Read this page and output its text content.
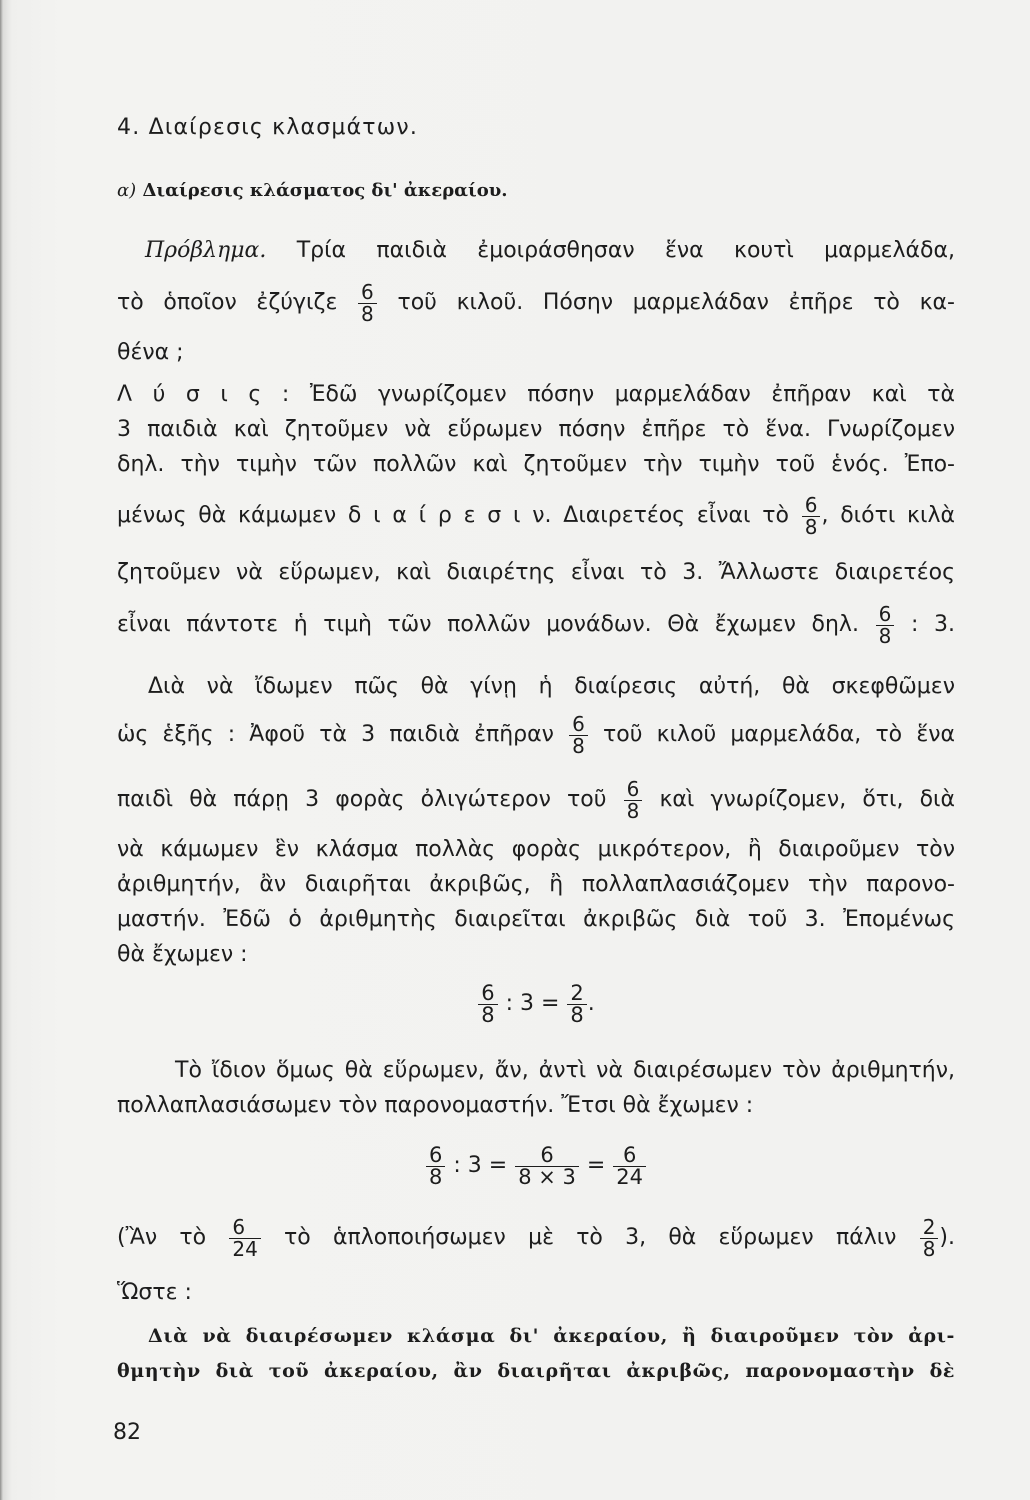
4. Διαίρεσις κλασμάτων.
α) Διαίρεσις κλάσματος δι' ἀκεραίου.
Πρόβλημα. Τρία παιδιὰ ἐμοιράσθησαν ἕνα κουτὶ μαρμελάδα,
τὸ ὁποῖον ἐζύγιζε $\frac{6}{8}$ τοῦ κιλοῦ. Πόσην μαρμελάδαν ἐπῆρε τὸ κα-
θένα ;
Λ ύ σ ι ς : Ἐδῶ γνωρίζομεν πόσην μαρμελάδαν ἐπῆραν καὶ τὰ
3 παιδιὰ καὶ ζητοῦμεν νὰ εὕρωμεν πόσην ἐπῆρε τὸ ἕνα. Γνωρίζομεν
δηλ. τὴν τιμὴν τῶν πολλῶν καὶ ζητοῦμεν τὴν τιμὴν τοῦ ἑνός. Ἐπο-
μένως θὰ κάμωμεν δ ι α ί ρ ε σ ι ν. Διαιρετέος εἶναι τὸ $\frac{6}{8}$ , διότι κιλὰ
ζητοῦμεν νὰ εὕρωμεν, καὶ διαιρέτης εἶναι τὸ 3. Ἄλλωστε διαιρετέος
εἶναι πάντοτε ἡ τιμὴ τῶν πολλῶν μονάδων. Θὰ ἔχωμεν δηλ. $\frac{6}{8}$ : 3.
Διὰ νὰ ἴδωμεν πῶς θὰ γίνῃ ἡ διαίρεσις αὐτή, θὰ σκεφθῶμεν
ὡς ἑξῆς : Ἀφοῦ τὰ 3 παιδιὰ ἐπῆραν $\frac{6}{8}$ τοῦ κιλοῦ μαρμελάδα, τὸ ἕνα
παιδὶ θὰ πάρῃ 3 φορὰς ὀλιγώτερον τοῦ $\frac{6}{8}$ καὶ γνωρίζομεν, ὅτι, διὰ
νὰ κάμωμεν ἓν κλάσμα πολλὰς φορὰς μικρότερον, ἢ διαιροῦμεν τὸν
ἀριθμητήν, ἂν διαιρῆται ἀκριβῶς, ἢ πολλαπλασιάζομεν τὴν παρονο-
μαστήν. Ἐδῶ ὁ ἀριθμητὴς διαιρεῖται ἀκριβῶς διὰ τοῦ 3. Ἐπομένως
θὰ ἔχωμεν :
$\frac{6}{8}$ : $3 = \frac{2}{8}$ .
Τὸ ἴδιον ὅμως θὰ εὕρωμεν, ἄν, ἀντὶ νὰ διαιρέσωμεν τὸν ἀριθμητήν,
πολλαπλασιάσωμεν τὸν παρονομαστήν. Ἔτσι θὰ ἔχωμεν :
$\frac{6}{8}$ : $3 = \frac{6}{8 \times 3} = \frac{6}{24}$
(Ἂν τὸ $\frac{6}{24}$ τὸ ἁπλοποιήσωμεν μὲ τὸ 3, θὰ εὕρωμεν πάλιν $\frac{2}{8}$ ).
Ὥστε :
Διὰ νὰ διαιρέσωμεν κλάσμα δι' ἀκεραίου, ἢ διαιροῦμεν τὸν ἀρι-
θμητὴν διὰ τοῦ ἀκεραίου, ἂν διαιρῆται ἀκριβῶς, παρονομαστὴν δὲ
82
